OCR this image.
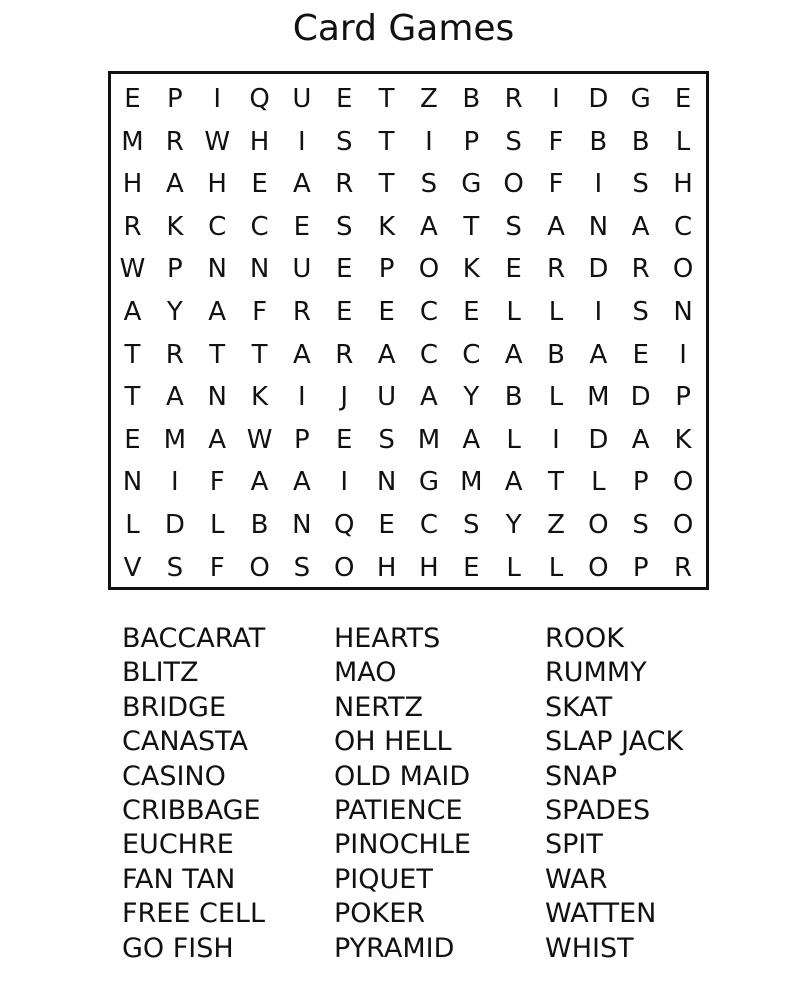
Card Games
E	P	I	Q U E	T Z B R	I	D G E
M R W H	I	S	T	I	P	S	F B B	L
H A H E A R T	S G O F	I	S H
R K C C E S K A T	S A N A C
W P N N U E	P O K E R D R O
A Y A F R E E C E	L	L	I	S N
T R T	T A R A C C A B A E	I
T A N K	I	J	U A Y B	L M D P
E M A W P	E S M A	L	I	D A K
N	I	F A A	I	N G M A T	L	P O
L D L	B N Q E C S	Y Z O S O
V S	F O S O H H E	L	L O P R
BACCARAT
BLITZ
BRIDGE
CANASTA
CASINO
CRIBBAGE
EUCHRE
FAN TAN
FREE CELL
GO FISH
HEARTS
MAO
NERTZ
OH HELL
OLD MAID
PATIENCE
PINOCHLE
PIQUET
POKER
PYRAMID
ROOK
RUMMY
SKAT
SLAP JACK
SNAP
SPADES
SPIT
WAR
WATTEN
WHIST
